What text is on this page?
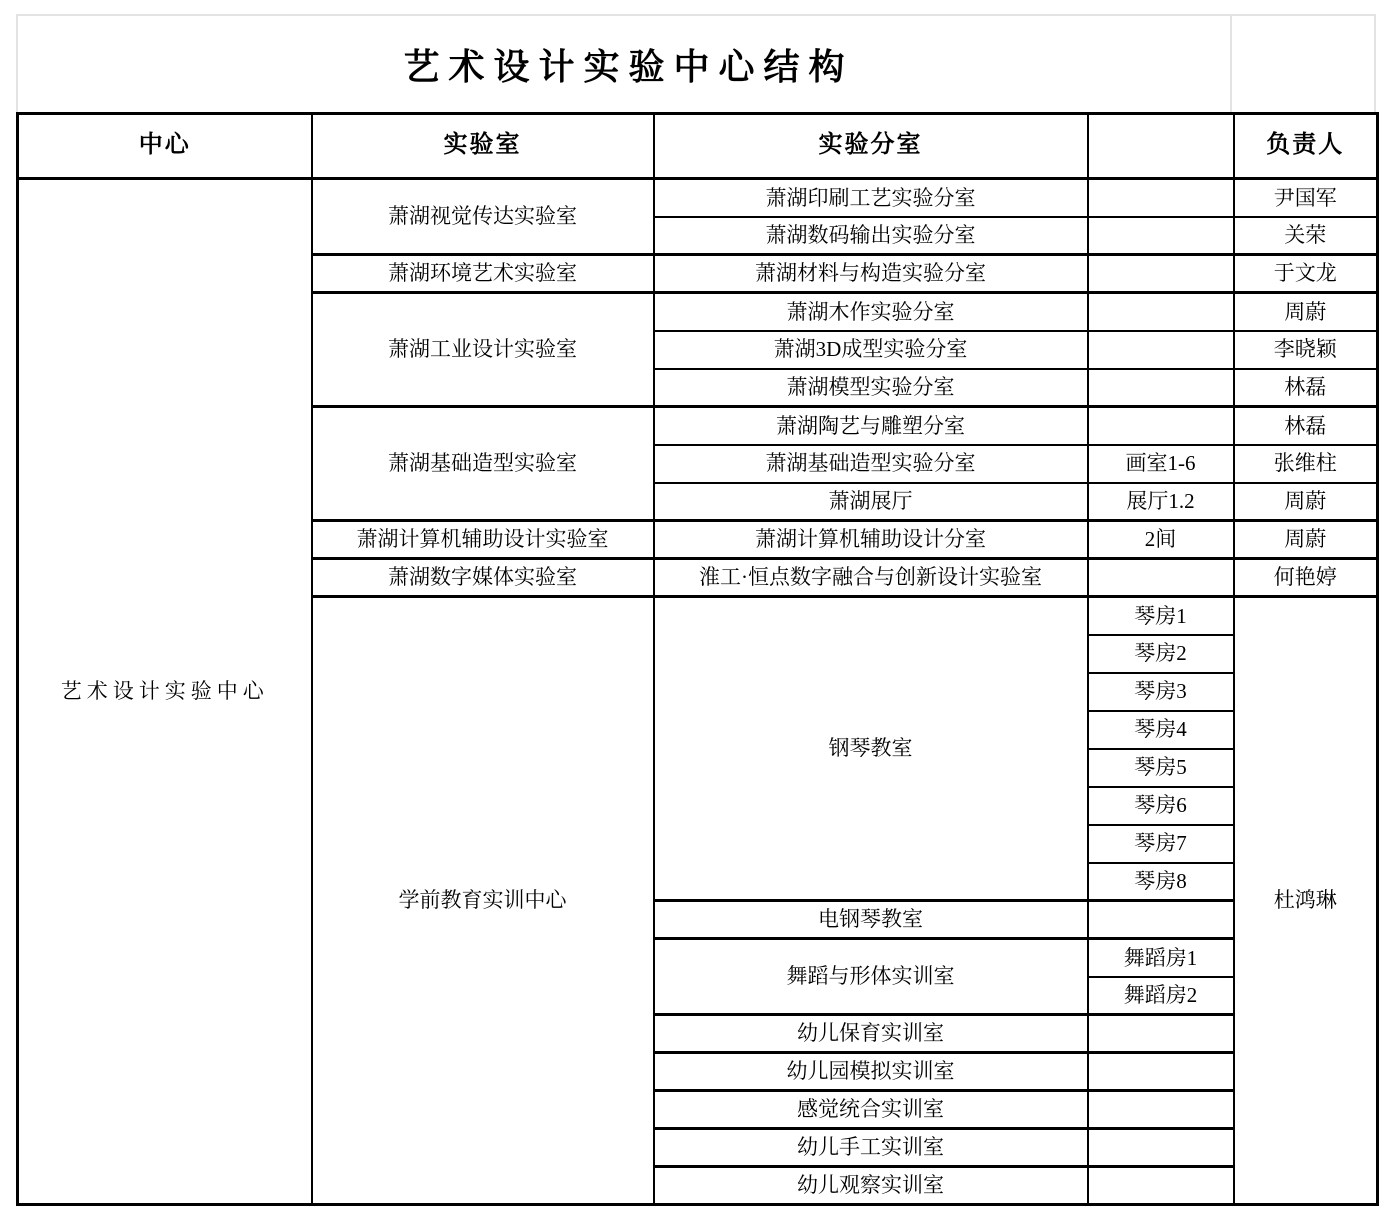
艺术设计实验中心结构
中心	实验室	实验分室		负责人
艺术设计实验中心	萧湖视觉传达实验室	萧湖印刷工艺实验分室		尹国军
		萧湖数码输出实验分室		关荣
	萧湖环境艺术实验室	萧湖材料与构造实验分室		于文龙
	萧湖工业设计实验室	萧湖木作实验分室		周蔚
		萧湖3D成型实验分室		李晓颖
		萧湖模型实验分室		林磊
	萧湖基础造型实验室	萧湖陶艺与雕塑分室		林磊
		萧湖基础造型实验分室	画室1-6	张维柱
		萧湖展厅	展厅1.2	周蔚
	萧湖计算机辅助设计实验室	萧湖计算机辅助设计分室	2间	周蔚
	萧湖数字媒体实验室	淮工·恒点数字融合与创新设计实验室		何艳婷
	学前教育实训中心	钢琴教室	琴房1	杜鸿琳
			琴房2	
			琴房3	
			琴房4	
			琴房5	
			琴房6	
			琴房7	
			琴房8	
		电钢琴教室		
		舞蹈与形体实训室	舞蹈房1	
			舞蹈房2	
		幼儿保育实训室		
		幼儿园模拟实训室		
		感觉统合实训室		
		幼儿手工实训室		
		幼儿观察实训室		
